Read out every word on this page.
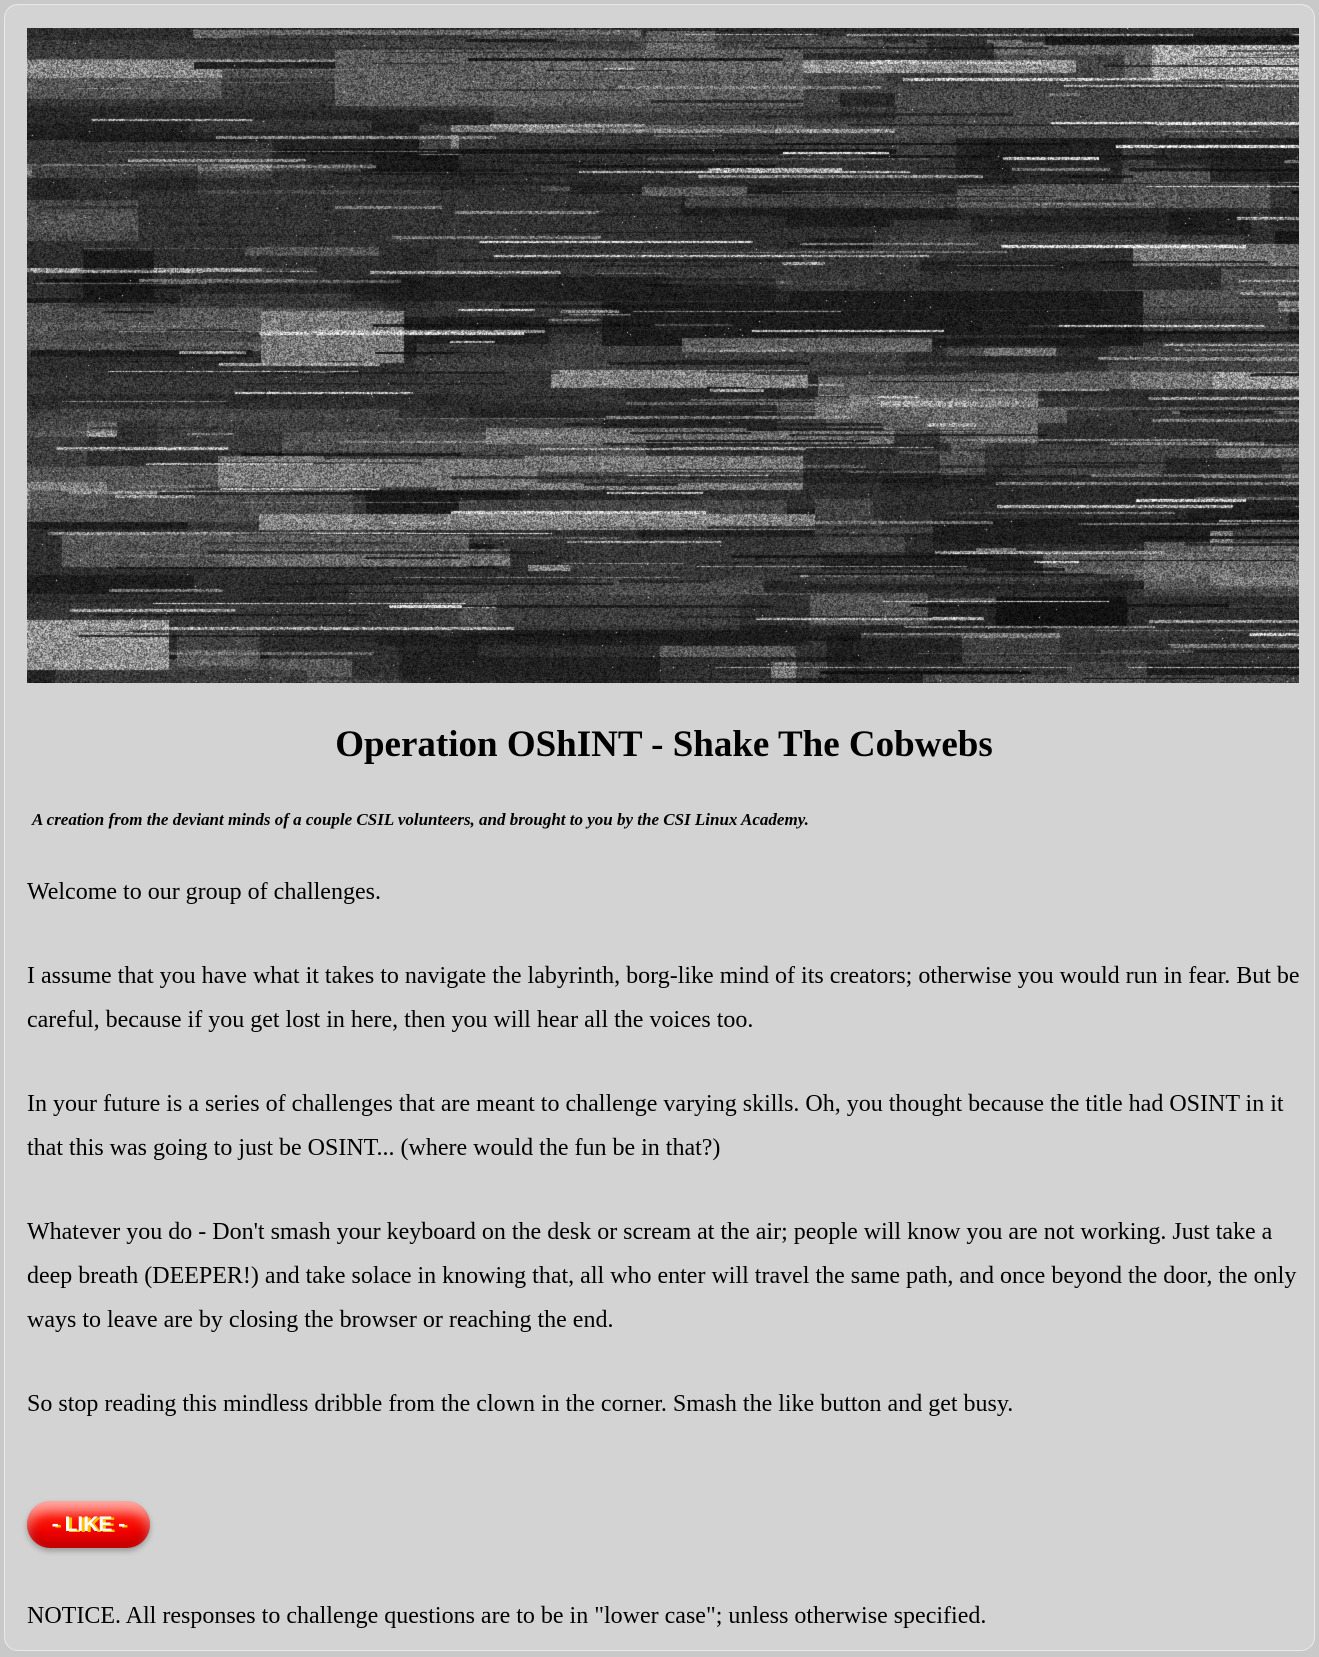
Operation OShINT - Shake The Cobwebs

A creation from the deviant minds of a couple CSIL volunteers, and brought to you by the CSI Linux Academy.

Welcome to our group of challenges.

I assume that you have what it takes to navigate the labyrinth, borg-like mind of its creators; otherwise you would run in fear. But be careful, because if you get lost in here, then you will hear all the voices too.

In your future is a series of challenges that are meant to challenge varying skills. Oh, you thought because the title had OSINT in it that this was going to just be OSINT... (where would the fun be in that?)

Whatever you do - Don't smash your keyboard on the desk or scream at the air; people will know you are not working. Just take a deep breath (DEEPER!) and take solace in knowing that, all who enter will travel the same path, and once beyond the door, the only ways to leave are by closing the browser or reaching the end.

So stop reading this mindless dribble from the clown in the corner. Smash the like button and get busy.

- LIKE -

NOTICE. All responses to challenge questions are to be in "lower case"; unless otherwise specified.
